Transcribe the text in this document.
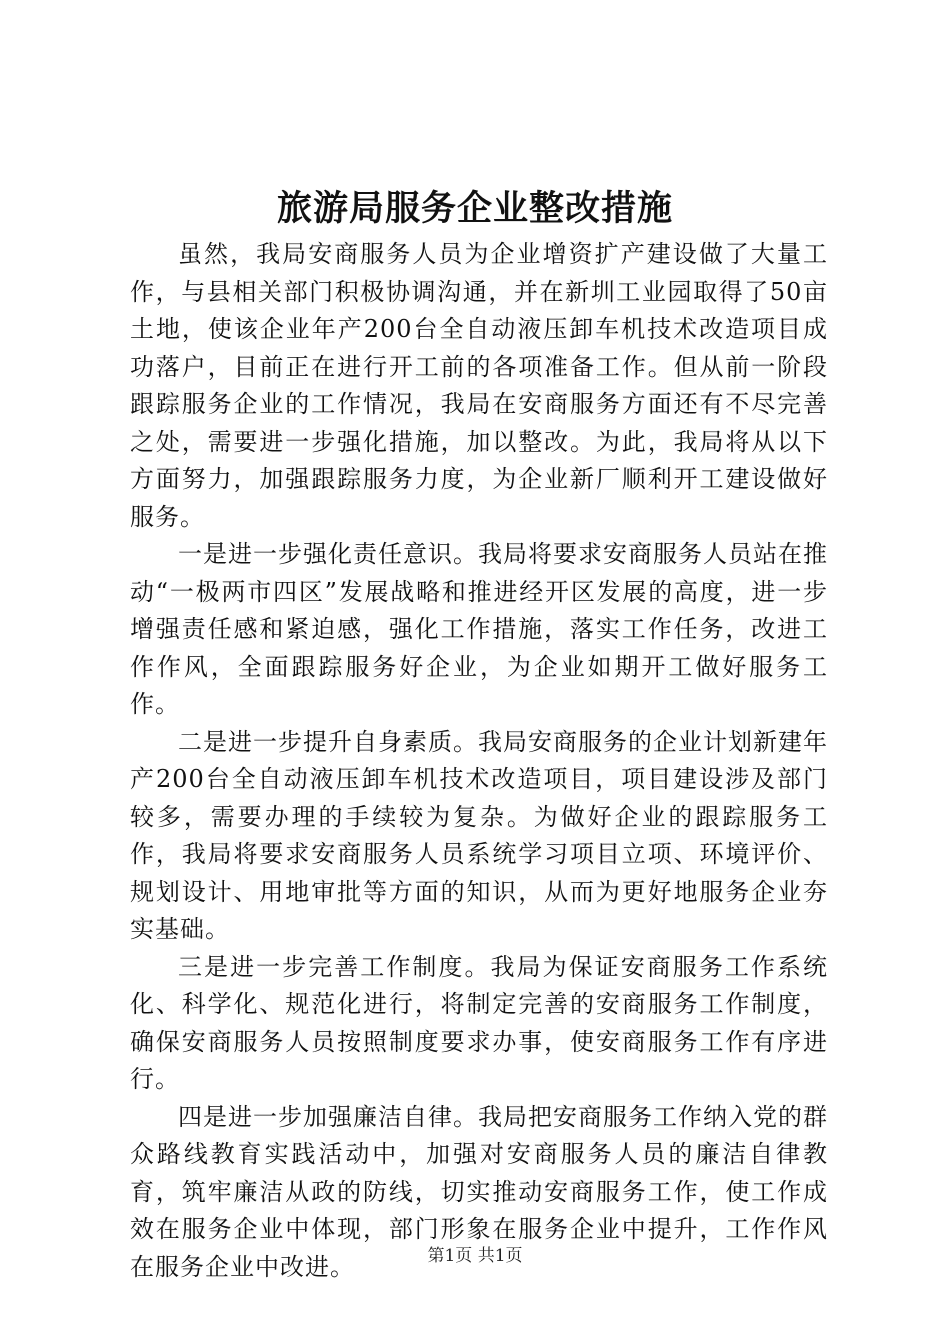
旅游局服务企业整改措施

虽然，我局安商服务人员为企业增资扩产建设做了大量工作，与县相关部门积极协调沟通，并在新圳工业园取得了50亩土地，使该企业年产200台全自动液压卸车机技术改造项目成功落户，目前正在进行开工前的各项准备工作。但从前一阶段跟踪服务企业的工作情况，我局在安商服务方面还有不尽完善之处，需要进一步强化措施，加以整改。为此，我局将从以下方面努力，加强跟踪服务力度，为企业新厂顺利开工建设做好服务。

一是进一步强化责任意识。我局将要求安商服务人员站在推动“一极两市四区”发展战略和推进经开区发展的高度，进一步增强责任感和紧迫感，强化工作措施，落实工作任务，改进工作作风，全面跟踪服务好企业，为企业如期开工做好服务工作。

二是进一步提升自身素质。我局安商服务的企业计划新建年产200台全自动液压卸车机技术改造项目，项目建设涉及部门较多，需要办理的手续较为复杂。为做好企业的跟踪服务工作，我局将要求安商服务人员系统学习项目立项、环境评价、规划设计、用地审批等方面的知识，从而为更好地服务企业夯实基础。

三是进一步完善工作制度。我局为保证安商服务工作系统化、科学化、规范化进行，将制定完善的安商服务工作制度，确保安商服务人员按照制度要求办事，使安商服务工作有序进行。

四是进一步加强廉洁自律。我局把安商服务工作纳入党的群众路线教育实践活动中，加强对安商服务人员的廉洁自律教育，筑牢廉洁从政的防线，切实推动安商服务工作，使工作成效在服务企业中体现，部门形象在服务企业中提升，工作作风在服务企业中改进。	第1页 共1页
